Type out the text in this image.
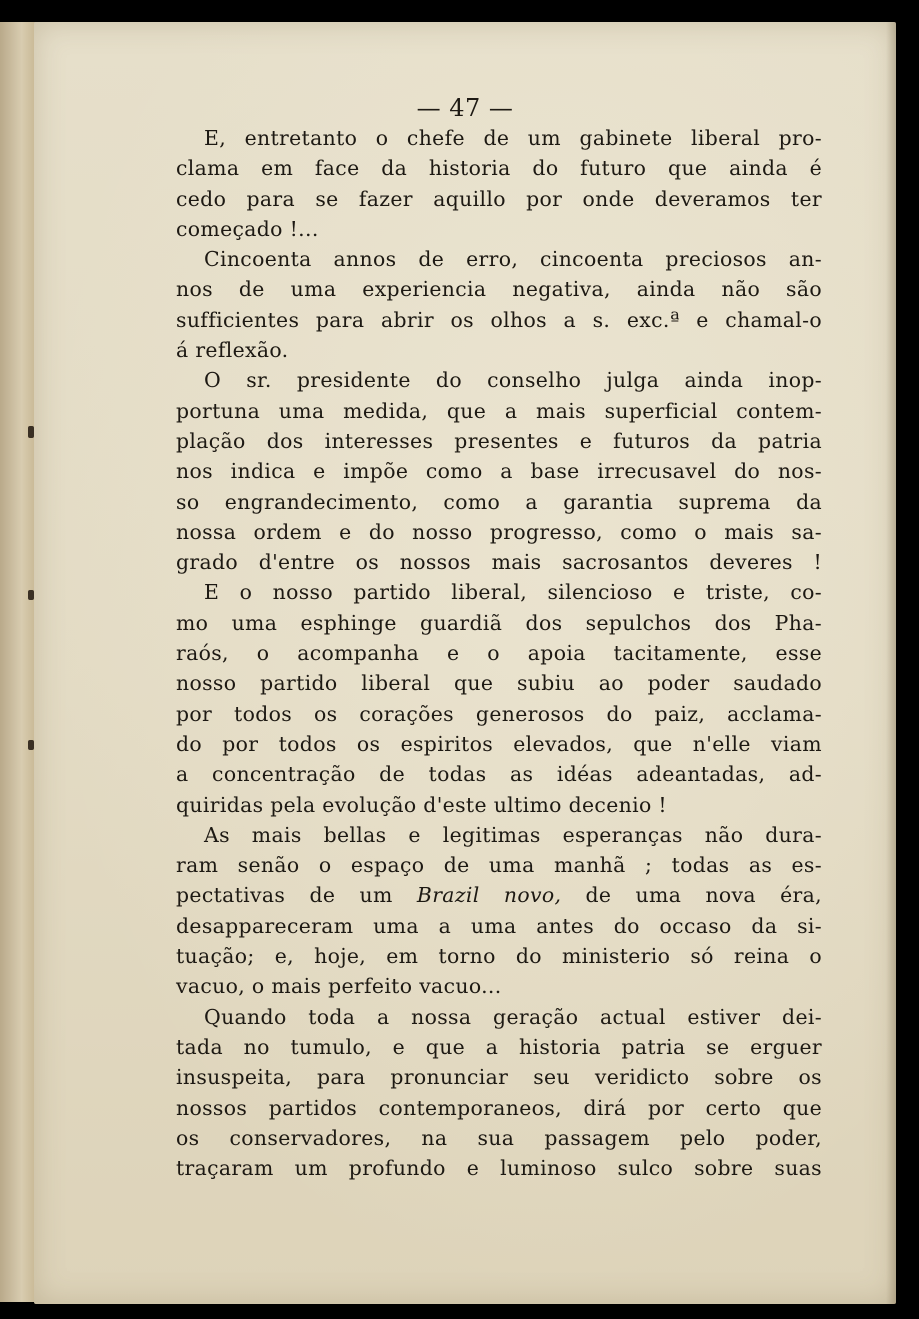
— 47 —
E, entretanto o chefe de um gabinete liberal pro-
clama em face da historia do futuro que ainda é
cedo para se fazer aquillo por onde deveramos ter
começado !...
Cincoenta annos de erro, cincoenta preciosos an-
nos de uma experiencia negativa, ainda não são
sufficientes para abrir os olhos a s. exc.ª e chamal-o
á reflexão.
O sr. presidente do conselho julga ainda inop-
portuna uma medida, que a mais superficial contem-
plação dos interesses presentes e futuros da patria
nos indica e impõe como a base irrecusavel do nos-
so engrandecimento, como a garantia suprema da
nossa ordem e do nosso progresso, como o mais sa-
grado d'entre os nossos mais sacrosantos deveres !
E o nosso partido liberal, silencioso e triste, co-
mo uma esphinge guardiã dos sepulchos dos Pha-
raós, o acompanha e o apoia tacitamente, esse
nosso partido liberal que subiu ao poder saudado
por todos os corações generosos do paiz, acclama-
do por todos os espiritos elevados, que n'elle viam
a concentração de todas as idéas adeantadas, ad-
quiridas pela evolução d'este ultimo decenio !
As mais bellas e legitimas esperanças não dura-
ram senão o espaço de uma manhã ; todas as es-
pectativas de um Brazil novo, de uma nova éra,
desappareceram uma a uma antes do occaso da si-
tuação; e, hoje, em torno do ministerio só reina o
vacuo, o mais perfeito vacuo...
Quando toda a nossa geração actual estiver dei-
tada no tumulo, e que a historia patria se erguer
insuspeita, para pronunciar seu veridicto sobre os
nossos partidos contemporaneos, dirá por certo que
os conservadores, na sua passagem pelo poder,
traçaram um profundo e luminoso sulco sobre suas
